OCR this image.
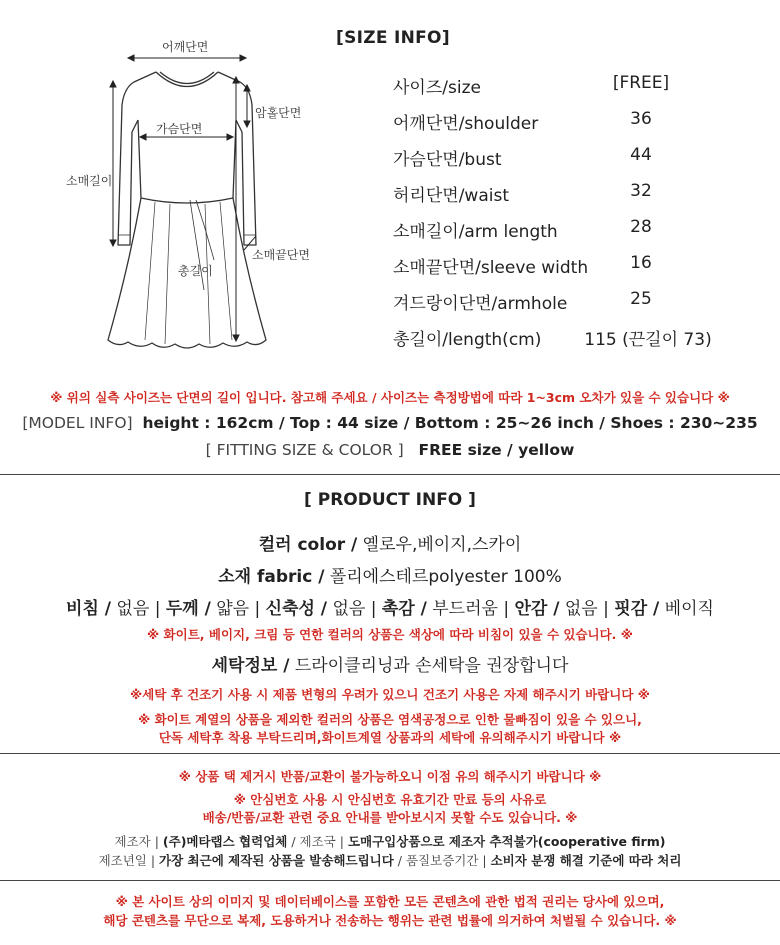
[SIZE INFO]
사이즈/size	[FREE]
어깨단면/shoulder	36
가슴단면/bust	44
허리단면/waist	32
소매길이/arm length	28
소매끝단면/sleeve width	16
겨드랑이단면/armhole	25
총길이/length(cm)	115 (끈길이 73)
어깨단면
암홀단면
가슴단면
소매길이
소매끝단면
총길이
※ 위의 실측 사이즈는 단면의 길이 입니다. 참고해 주세요 / 사이즈는 측정방법에 따라 1~3cm 오차가 있을 수 있습니다 ※
[MODEL INFO] height : 162cm / Top : 44 size / Bottom : 25~26 inch / Shoes : 230~235
[ FITTING SIZE & COLOR ] FREE size / yellow
[ PRODUCT INFO ]
컬러 color / 옐로우,베이지,스카이
소재 fabric / 폴리에스테르polyester 100%
비침 / 없음 | 두께 / 얇음 | 신축성 / 없음 | 촉감 / 부드러움 | 안감 / 없음 | 핏감 / 베이직
※ 화이트, 베이지, 크림 등 연한 컬러의 상품은 색상에 따라 비침이 있을 수 있습니다. ※
세탁정보 / 드라이클리닝과 손세탁을 권장합니다
※세탁 후 건조기 사용 시 제품 변형의 우려가 있으니 건조기 사용은 자제 해주시기 바랍니다 ※
※ 화이트 계열의 상품을 제외한 컬러의 상품은 염색공정으로 인한 물빠짐이 있을 수 있으니,
단독 세탁후 착용 부탁드리며,화이트계열 상품과의 세탁에 유의해주시기 바랍니다 ※
※ 상품 택 제거시 반품/교환이 불가능하오니 이점 유의 해주시기 바랍니다 ※
※ 안심번호 사용 시 안심번호 유효기간 만료 등의 사유로
배송/반품/교환 관련 중요 안내를 받아보시지 못할 수도 있습니다. ※
제조자 | (주)메타랩스 협력업체 / 제조국 | 도매구입상품으로 제조자 추적불가(cooperative firm)
제조년일 | 가장 최근에 제작된 상품을 발송해드립니다 / 품질보증기간 | 소비자 분쟁 해결 기준에 따라 처리
※ 본 사이트 상의 이미지 및 데이터베이스를 포함한 모든 콘텐츠에 관한 법적 권리는 당사에 있으며,
해당 콘텐츠를 무단으로 복제, 도용하거나 전송하는 행위는 관련 법률에 의거하여 처벌될 수 있습니다. ※
